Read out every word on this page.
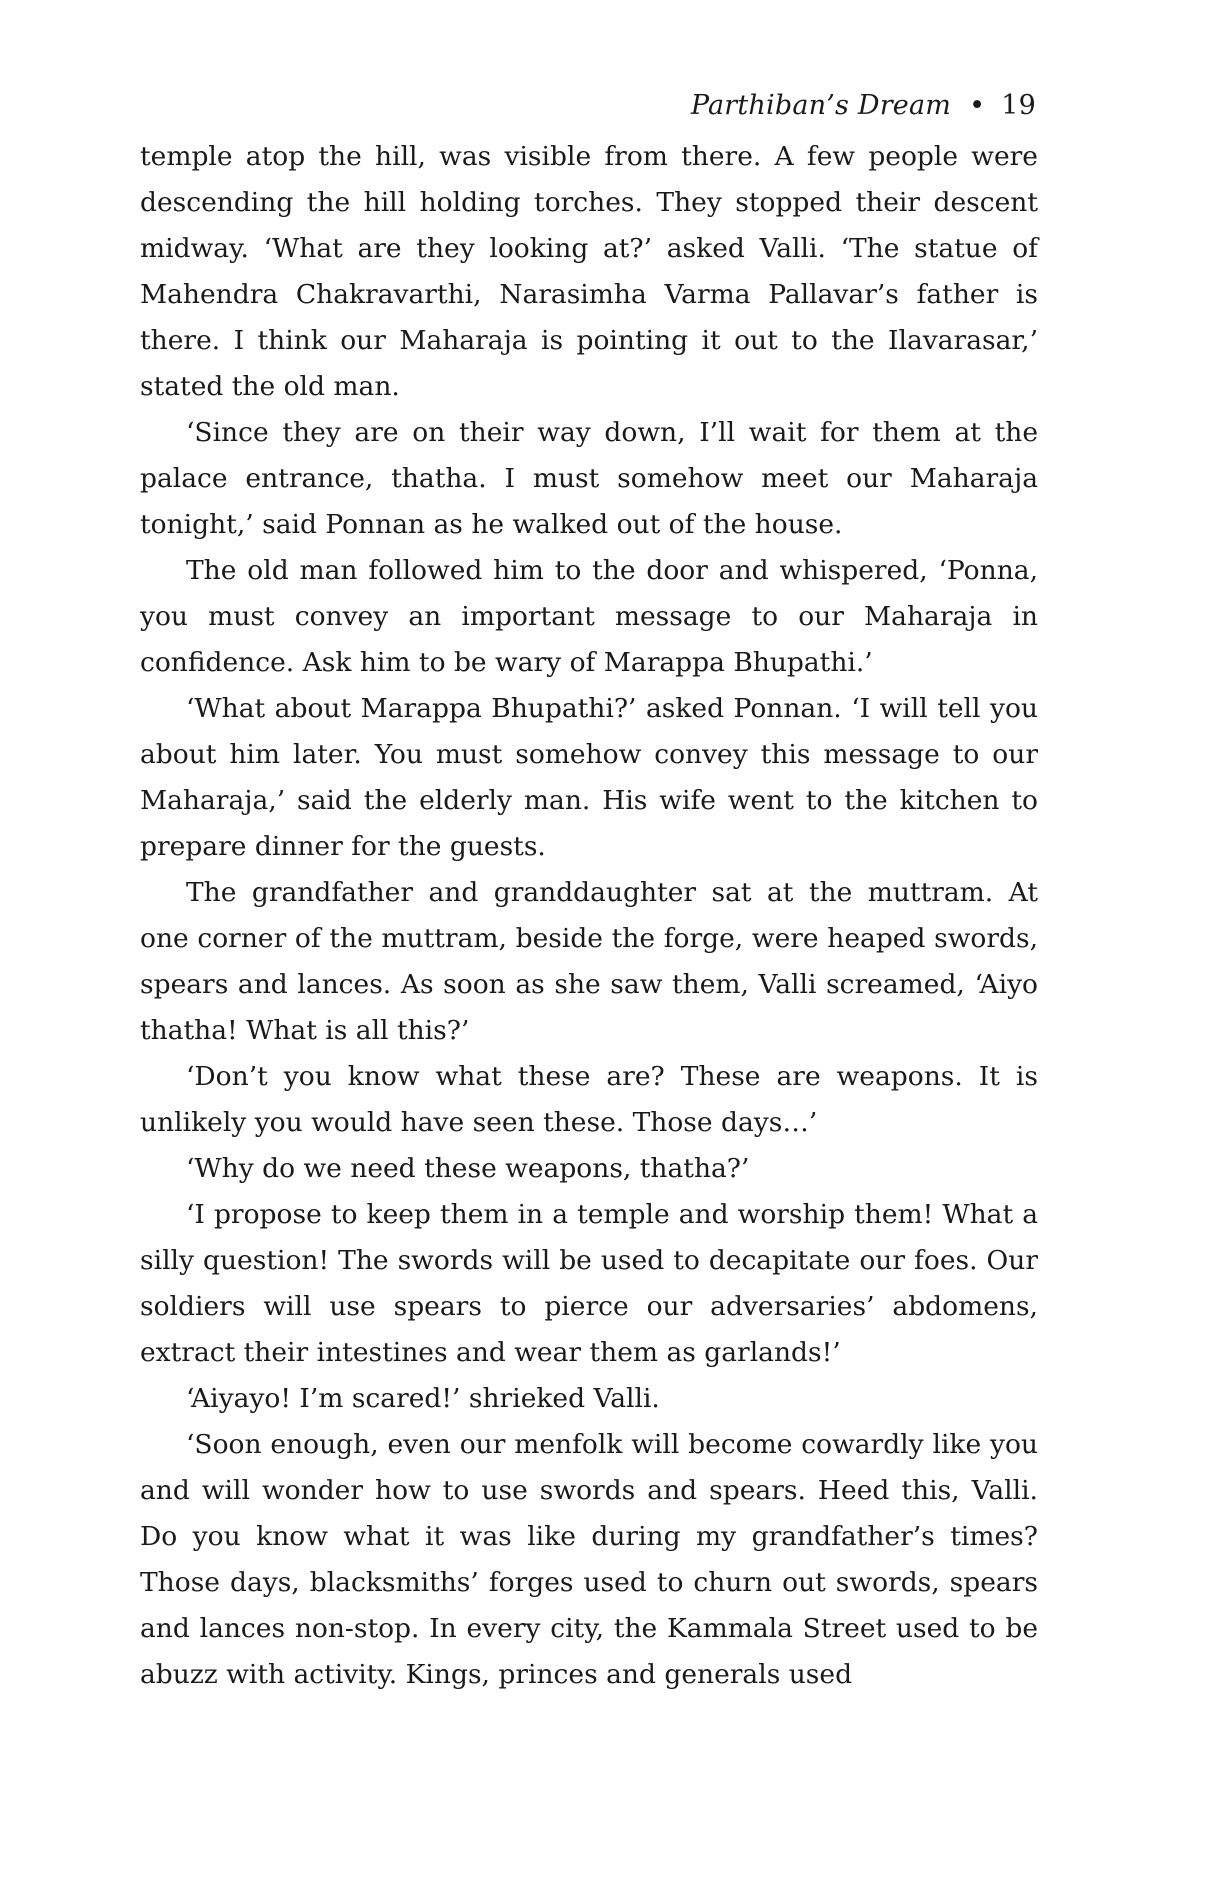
Parthiban’s Dream • 19

temple atop the hill, was visible from there. A few people were descending the hill holding torches. They stopped their descent midway. ‘What are they looking at?’ asked Valli. ‘The statue of Mahendra Chakravarthi, Narasimha Varma Pallavar’s father is there. I think our Maharaja is pointing it out to the Ilavarasar,’ stated the old man.

‘Since they are on their way down, I’ll wait for them at the palace entrance, thatha. I must somehow meet our Maharaja tonight,’ said Ponnan as he walked out of the house.

The old man followed him to the door and whispered, ‘Ponna, you must convey an important message to our Maharaja in confidence. Ask him to be wary of Marappa Bhupathi.’

‘What about Marappa Bhupathi?’ asked Ponnan. ‘I will tell you about him later. You must somehow convey this message to our Maharaja,’ said the elderly man. His wife went to the kitchen to prepare dinner for the guests.

The grandfather and granddaughter sat at the muttram. At one corner of the muttram, beside the forge, were heaped swords, spears and lances. As soon as she saw them, Valli screamed, ‘Aiyo thatha! What is all this?’

‘Don’t you know what these are? These are weapons. It is unlikely you would have seen these. Those days…’

‘Why do we need these weapons, thatha?’

‘I propose to keep them in a temple and worship them! What a silly question! The swords will be used to decapitate our foes. Our soldiers will use spears to pierce our adversaries’ abdomens, extract their intestines and wear them as garlands!’

‘Aiyayo! I’m scared!’ shrieked Valli.

‘Soon enough, even our menfolk will become cowardly like you and will wonder how to use swords and spears. Heed this, Valli. Do you know what it was like during my grandfather’s times? Those days, blacksmiths’ forges used to churn out swords, spears and lances non-stop. In every city, the Kammala Street used to be abuzz with activity. Kings, princes and generals used
